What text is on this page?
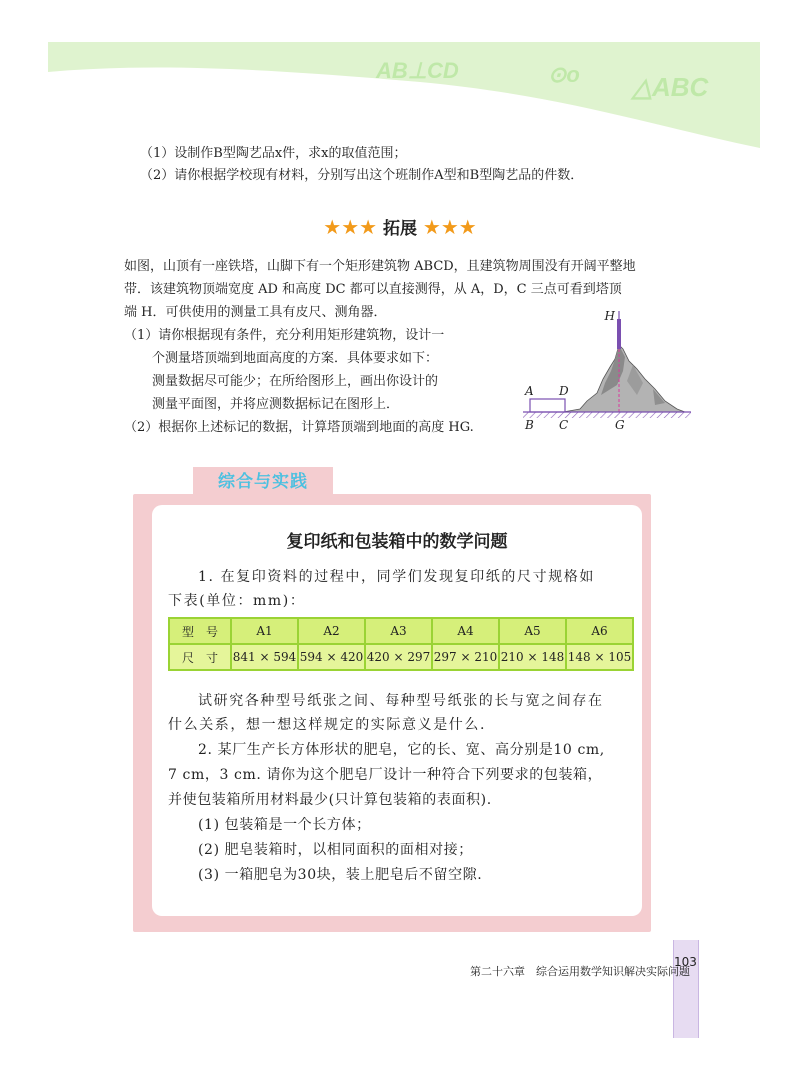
AB⊥CD	⊙o △ABC
（1）设制作B型陶艺品x件，求x的取值范围；
（2）请你根据学校现有材料，分别写出这个班制作A型和B型陶艺品的件数．
★★★ 拓展 ★★★
如图，山顶有一座铁塔，山脚下有一个矩形建筑物 ABCD，且建筑物周围没有开阔平整地
带．该建筑物顶端宽度 AD 和高度 DC 都可以直接测得，从 A，D，C 三点可看到塔顶
端 H．可供使用的测量工具有皮尺、测角器．
（1）请你根据现有条件，充分利用矩形建筑物，设计一
个测量塔顶端到地面高度的方案．具体要求如下：
测量数据尽可能少；在所给图形上，画出你设计的
测量平面图，并将应测数据标记在图形上．
（2）根据你上述标记的数据，计算塔顶端到地面的高度 HG.
H
A D
B C	G
综合与实践
复印纸和包装箱中的数学问题
1. 在复印资料的过程中，同学们发现复印纸的尺寸规格如
下表(单位：mm)：
型　号	A1	A2	A3	A4	A5	A6
尺　寸	841 × 594	594 × 420	420 × 297	297 × 210	210 × 148	148 × 105
试研究各种型号纸张之间、每种型号纸张的长与宽之间存在
什么关系，想一想这样规定的实际意义是什么.
2. 某厂生产长方体形状的肥皂，它的长、宽、高分别是10 cm,
7 cm，3 cm. 请你为这个肥皂厂设计一种符合下列要求的包装箱，
并使包装箱所用材料最少(只计算包装箱的表面积).
(1) 包装箱是一个长方体；
(2) 肥皂装箱时，以相同面积的面相对接；
(3) 一箱肥皂为30块，装上肥皂后不留空隙.
103
第二十六章　综合运用数学知识解决实际问题
